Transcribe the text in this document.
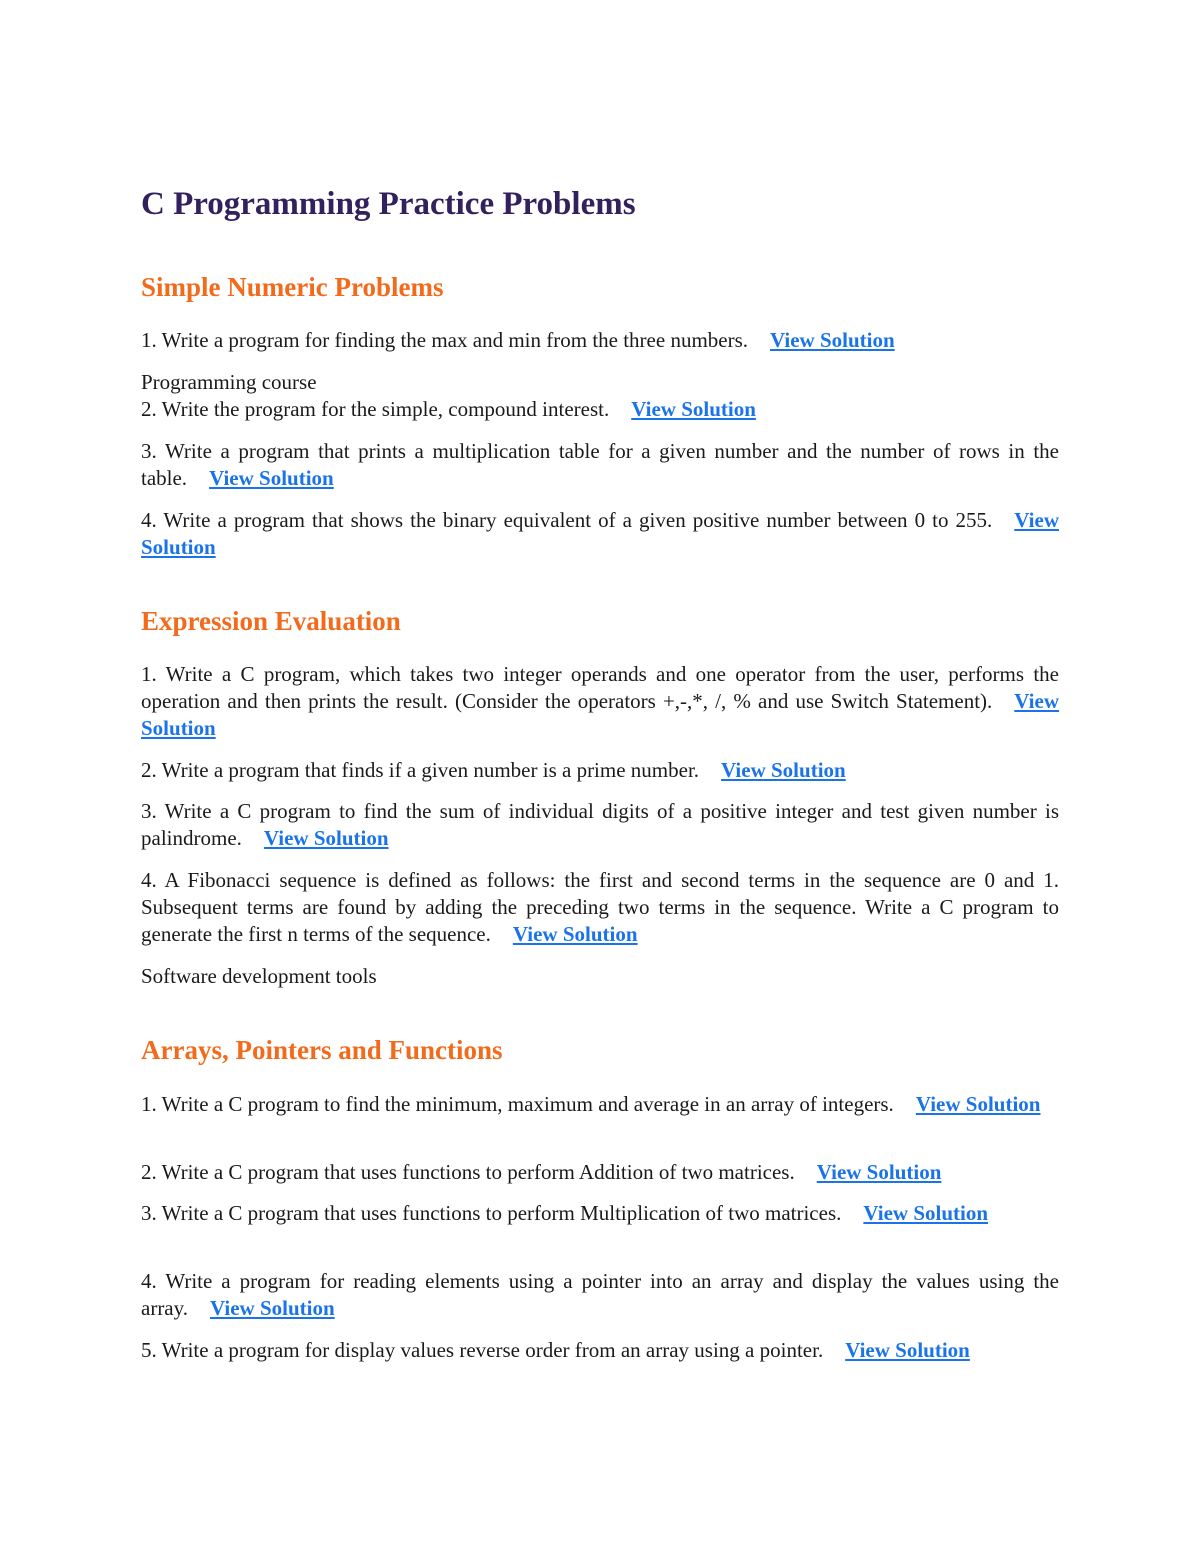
C Programming Practice Problems
Simple Numeric Problems

1. Write a program for finding the max and min from the three numbers. View Solution

Programming course

2. Write the program for the simple, compound interest. View Solution

3. Write a program that prints a multiplication table for a given number and the number of rows in the table. View Solution

4. Write a program that shows the binary equivalent of a given positive number between 0 to 255. View Solution

Expression Evaluation

1. Write a C program, which takes two integer operands and one operator from the user, performs the operation and then prints the result. (Consider the operators +,-,*, /, % and use Switch Statement). View Solution

2. Write a program that finds if a given number is a prime number. View Solution

3. Write a C program to find the sum of individual digits of a positive integer and test given number is palindrome. View Solution

4. A Fibonacci sequence is defined as follows: the first and second terms in the sequence are 0 and 1. Subsequent terms are found by adding the preceding two terms in the sequence. Write a C program to generate the first n terms of the sequence. View Solution

Software development tools

Arrays, Pointers and Functions

1. Write a C program to find the minimum, maximum and average in an array of integers. View Solution

2. Write a C program that uses functions to perform Addition of two matrices. View Solution

3. Write a C program that uses functions to perform Multiplication of two matrices. View Solution

4. Write a program for reading elements using a pointer into an array and display the values using the array. View Solution

5. Write a program for display values reverse order from an array using a pointer. View Solution
